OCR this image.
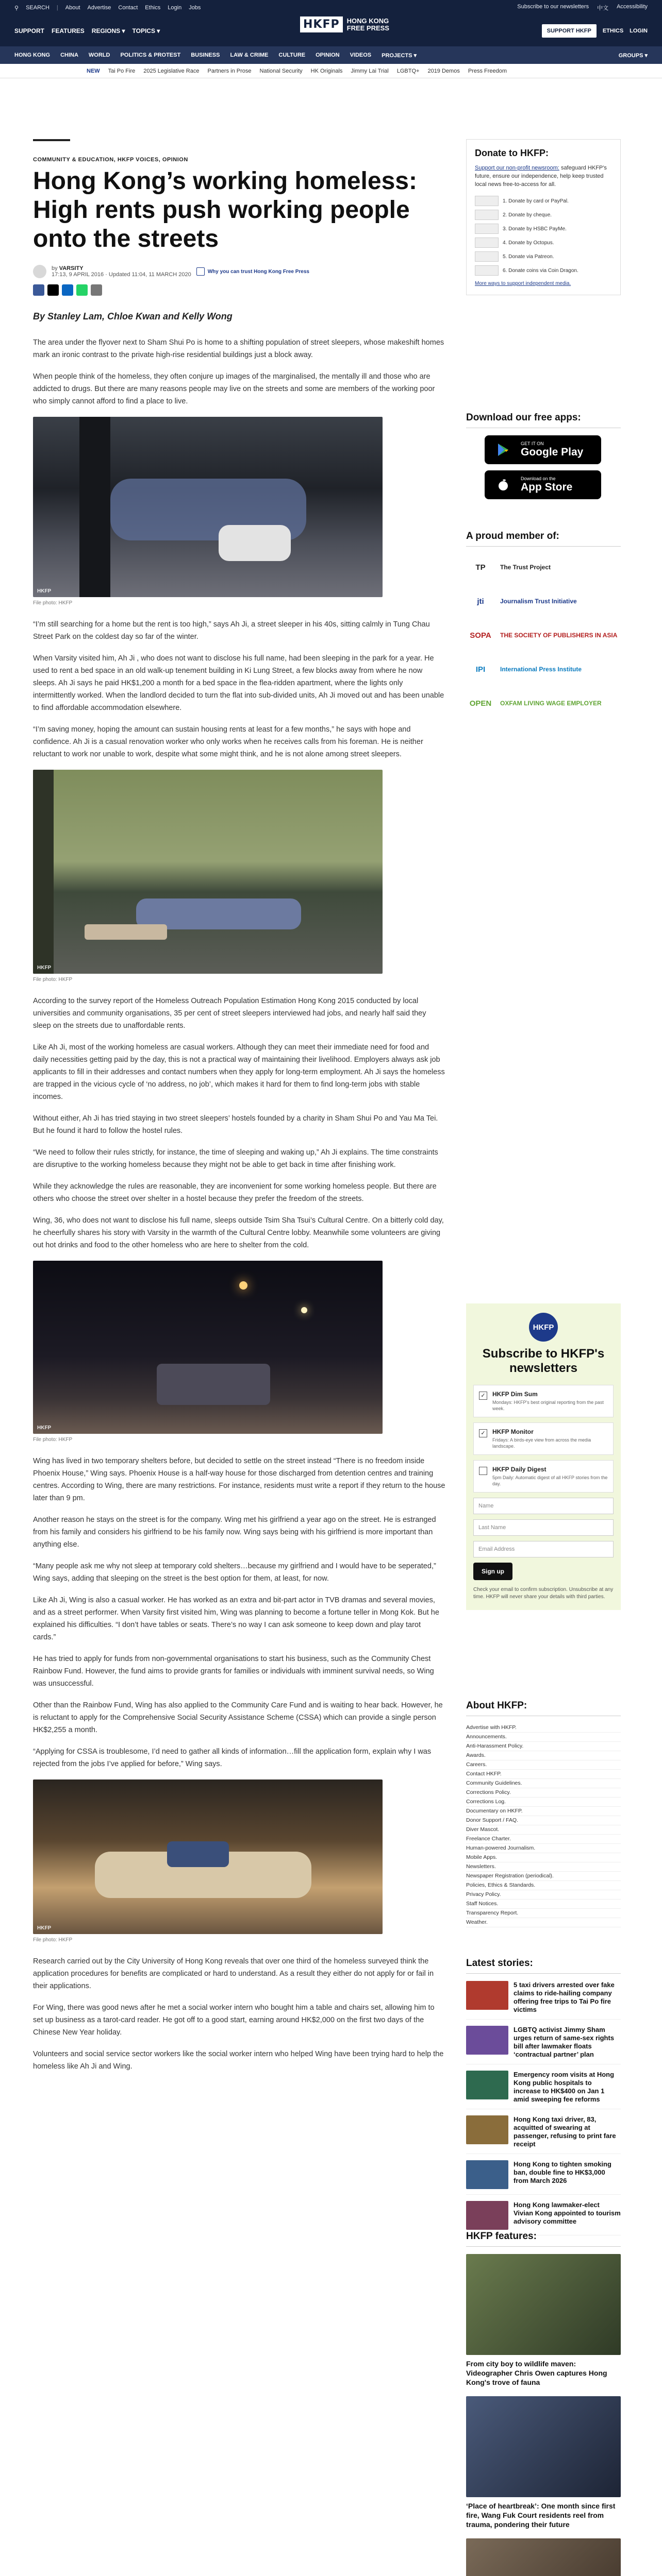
⚲ SEARCH | About Advertise Contact Ethics Login Jobs	Subscribe to our newsletters 中文 Accessibility
SUPPORT FEATURES REGIONS ▾ TOPICS ▾	SUPPORT HKFP	ETHICS LOGIN
HKFP	HONG KONG
FREE PRESS
HONG KONG CHINA WORLD POLITICS & PROTEST BUSINESS LAW & CRIME CULTURE OPINION VIDEOS PROJECTS ▾	GROUPS ▾
NEW Tai Po Fire 2025 Legislative Race Partners in Prose National Security HK Originals Jimmy Lai Trial LGBTQ+ 2019 Demos Press Freedom
COMMUNITY & EDUCATION, HKFP VOICES, OPINION
Hong Kong’s working homeless: High rents push working people onto the streets
by VARSITY
17:13, 9 APRIL 2016 · Updated 11:04, 11 MARCH 2020	Why you can trust Hong Kong Free Press
By Stanley Lam, Chloe Kwan and Kelly Wong

The area under the flyover next to Sham Shui Po is home to a shifting population of street sleepers, whose makeshift homes mark an ironic contrast to the private high-rise residential buildings just a block away.

When people think of the homeless, they often conjure up images of the marginalised, the mentally ill and those who are addicted to drugs. But there are many reasons people may live on the streets and some are members of the working poor who simply cannot afford to find a place to live.

HKFP
File photo: HKFP

“I’m still searching for a home but the rent is too high,” says Ah Ji, a street sleeper in his 40s, sitting calmly in Tung Chau Street Park on the coldest day so far of the winter.

When Varsity visited him, Ah Ji , who does not want to disclose his full name, had been sleeping in the park for a year. He used to rent a bed space in an old walk-up tenement building in Ki Lung Street, a few blocks away from where he now sleeps. Ah Ji says he paid HK$1,200 a month for a bed space in the flea-ridden apartment, where the lights only intermittently worked. When the landlord decided to turn the flat into sub-divided units, Ah Ji moved out and has been unable to find affordable accommodation elsewhere.

“I’m saving money, hoping the amount can sustain housing rents at least for a few months,” he says with hope and confidence. Ah Ji is a casual renovation worker who only works when he receives calls from his foreman. He is neither reluctant to work nor unable to work, despite what some might think, and he is not alone among street sleepers.

HKFP
File photo: HKFP

According to the survey report of the Homeless Outreach Population Estimation Hong Kong 2015 conducted by local universities and community organisations, 35 per cent of street sleepers interviewed had jobs, and nearly half said they sleep on the streets due to unaffordable rents.

Like Ah Ji, most of the working homeless are casual workers. Although they can meet their immediate need for food and daily necessities getting paid by the day, this is not a practical way of maintaining their livelihood. Employers always ask job applicants to fill in their addresses and contact numbers when they apply for long-term employment. Ah Ji says the homeless are trapped in the vicious cycle of ‘no address, no job’, which makes it hard for them to find long-term jobs with stable incomes.

Without either, Ah Ji has tried staying in two street sleepers’ hostels founded by a charity in Sham Shui Po and Yau Ma Tei. But he found it hard to follow the hostel rules.

“We need to follow their rules strictly, for instance, the time of sleeping and waking up,” Ah Ji explains. The time constraints are disruptive to the working homeless because they might not be able to get back in time after finishing work.

While they acknowledge the rules are reasonable, they are inconvenient for some working homeless people. But there are others who choose the street over shelter in a hostel because they prefer the freedom of the streets.

Wing, 36, who does not want to disclose his full name, sleeps outside Tsim Sha Tsui’s Cultural Centre. On a bitterly cold day, he cheerfully shares his story with Varsity in the warmth of the Cultural Centre lobby. Meanwhile some volunteers are giving out hot drinks and food to the other homeless who are here to shelter from the cold.

HKFP
File photo: HKFP

Wing has lived in two temporary shelters before, but decided to settle on the street instead “There is no freedom inside Phoenix House,” Wing says. Phoenix House is a half-way house for those discharged from detention centres and training centres. According to Wing, there are many restrictions. For instance, residents must write a report if they return to the house later than 9 pm.

Another reason he stays on the street is for the company. Wing met his girlfriend a year ago on the street. He is estranged from his family and considers his girlfriend to be his family now. Wing says being with his girlfriend is more important than anything else.

“Many people ask me why not sleep at temporary cold shelters…because my girlfriend and I would have to be seperated,” Wing says, adding that sleeping on the street is the best option for them, at least, for now.

Like Ah Ji, Wing is also a casual worker. He has worked as an extra and bit-part actor in TVB dramas and several movies, and as a street performer. When Varsity first visited him, Wing was planning to become a fortune teller in Mong Kok. But he explained his difficulties. “I don’t have tables or seats. There’s no way I can ask someone to keep down and play tarot cards.”

He has tried to apply for funds from non-governmental organisations to start his business, such as the Community Chest Rainbow Fund. However, the fund aims to provide grants for families or individuals with imminent survival needs, so Wing was unsuccessful.

Other than the Rainbow Fund, Wing has also applied to the Community Care Fund and is waiting to hear back. However, he is reluctant to apply for the Comprehensive Social Security Assistance Scheme (CSSA) which can provide a single person HK$2,255 a month.

“Applying for CSSA is troublesome, I’d need to gather all kinds of information…fill the application form, explain why I was rejected from the jobs I’ve applied for before,” Wing says.

HKFP
File photo: HKFP

Research carried out by the City University of Hong Kong reveals that over one third of the homeless surveyed think the application procedures for benefits are complicated or hard to understand. As a result they either do not apply for or fail in their applications.

For Wing, there was good news after he met a social worker intern who bought him a table and chairs set, allowing him to set up business as a tarot-card reader. He got off to a good start, earning around HK$2,000 on the first two days of the Chinese New Year holiday.

Volunteers and social service sector workers like the social worker intern who helped Wing have been trying hard to help the homeless like Ah Ji and Wing.

Donate to HKFP:
Support our non-profit newsroom: safeguard HKFP's future, ensure our independence, help keep trusted local news free-to-access for all.
1. Donate by card or PayPal.
2. Donate by cheque.
3. Donate by HSBC PayMe.
4. Donate by Octopus.
5. Donate via Patreon.
6. Donate coins via Coin Dragon.
More ways to support independent media.
Download our free apps:
GET IT ON
Google Play
Download on the
App Store
A proud member of:
TP	The Trust Project
jti	Journalism Trust Initiative
SOPA	THE SOCIETY OF PUBLISHERS IN ASIA
IPI	International Press Institute
OPEN	OXFAM LIVING WAGE EMPLOYER
HKFP
Subscribe to HKFP's newsletters
✓ HKFP Dim Sum
Mondays: HKFP's best original reporting from the past week.
✓ HKFP Monitor
Fridays: A birds-eye view from across the media landscape.
HKFP Daily Digest
5pm Daily: Automatic digest of all HKFP stories from the day.
Name
Last Name
Email Address
Sign up
Check your email to confirm subscription. Unsubscribe at any time. HKFP will never share your details with third parties.
About HKFP:
Advertise with HKFP.
Announcements.
Anti-Harassment Policy.
Awards.
Careers.
Contact HKFP.
Community Guidelines.
Corrections Policy.
Corrections Log.
Documentary on HKFP.
Donor Support / FAQ.
Diver Mascot.
Freelance Charter.
Human-powered Journalism.
Mobile Apps.
Newsletters.
Newspaper Registration (periodical).
Policies, Ethics & Standards.
Privacy Policy.
Staff Notices.
Transparency Report.
Weather.
Latest stories:
5 taxi drivers arrested over fake claims to ride-hailing company offering free trips to Tai Po fire victims
LGBTQ activist Jimmy Sham urges return of same-sex rights bill after lawmaker floats ‘contractual partner’ plan
Emergency room visits at Hong Kong public hospitals to increase to HK$400 on Jan 1 amid sweeping fee reforms
Hong Kong taxi driver, 83, acquitted of swearing at passenger, refusing to print fare receipt
Hong Kong to tighten smoking ban, double fine to HK$3,000 from March 2026
Hong Kong lawmaker-elect Vivian Kong appointed to tourism advisory committee
HKFP features:
From city boy to wildlife maven: Videographer Chris Owen captures Hong Kong's trove of fauna
‘Place of heartbreak’: One month since first fire, Wang Fuk Court residents reel from trauma, pondering their future
